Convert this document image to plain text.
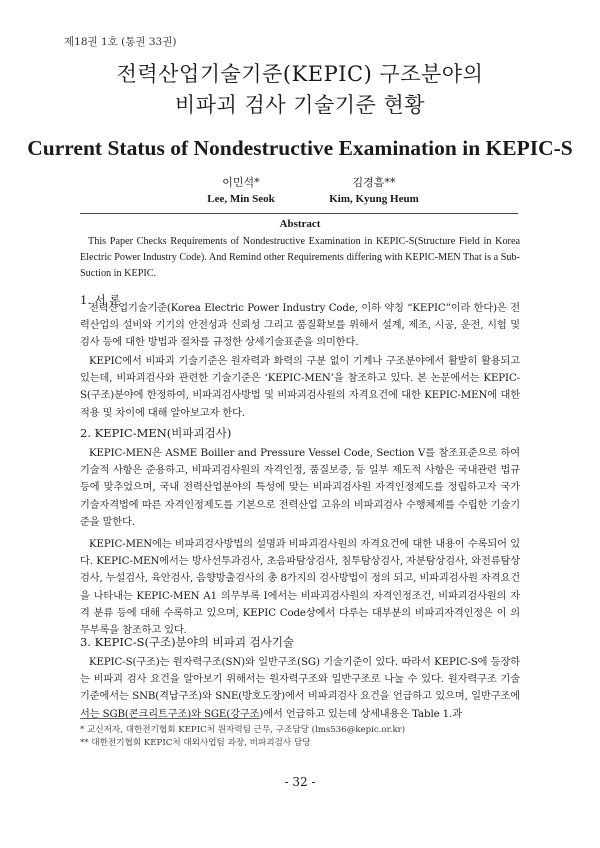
제18권 1호 (통권 33권)
전력산업기술기준(KEPIC) 구조분야의
비파괴 검사 기술기준 현황
Current Status of Nondestructive Examination in KEPIC-S
이민석*
Lee, Min Seok
김경흠**
Kim, Kyung Heum
Abstract
This Paper Checks Requirements of Nondestructive Examination in KEPIC-S(Structure Field in Korea Electric Power Industry Code). And Remind other Requirements differing with KEPIC-MEN That is a Sub-Suction in KEPIC.
1. 서 론
전력산업기술기준(Korea Electric Power Industry Code, 이하 약칭 “KEPIC”이라 한다)은 전력산업의 설비와 기기의 안전성과 신뢰성 그리고 품질확보를 위해서 설계, 제조, 시공, 운전, 시험 및 검사 등에 대한 방법과 절차를 규정한 상세기술표준을 의미한다.
KEPIC에서 비파괴 기술기준은 원자력과 화력의 구분 없이 기계나 구조분야에서 활발히 활용되고 있는데, 비파괴검사와 관련한 기술기준은 ‘KEPIC-MEN’을 참조하고 있다. 본 논문에서는 KEPIC-S(구조)분야에 한정하여, 비파괴검사방법 및 비파괴검사원의 자격요건에 대한 KEPIC-MEN에 대한 적용 및 차이에 대해 알아보고자 한다.
2. KEPIC-MEN(비파괴검사)
KEPIC-MEN은 ASME Boiller and Pressure Vessel Code, Section V를 참조표준으로 하여 기술적 사항은 준용하고, 비파괴검사원의 자격인정, 품질보증, 등 일부 제도적 사항은 국내관련 법규 등에 맞추었으며, 국내 전력산업분야의 특성에 맞는 비파괴검사원 자격인정제도를 정립하고자 국가기술자격법에 따른 자격인정제도를 기본으로 전력산업 고유의 비파괴검사 수행체제를 수립한 기술기준을 말한다.
KEPIC-MEN에는 비파괴검사방법의 설명과 비파괴검사원의 자격요건에 대한 내용이 수록되어 있다. KEPIC-MEN에서는 방사선투과검사, 초음파탐상검사, 침투탐상검사, 자분탐상검사, 와전류탐상검사, 누설검사, 육안검사, 음향방출검사의 총 8가지의 검사방법이 정의 되고, 비파괴검사원 자격요건을 나타내는 KEPIC-MEN A1 의무부록 I에서는 비파괴검사원의 자격인정조건, 비파괴검사원의 자격 분류 등에 대해 수록하고 있으며, KEPIC Code상에서 다루는 대부분의 비파괴자격인정은 이 의무부록을 참조하고 있다.
3. KEPIC-S(구조)분야의 비파괴 검사기술
KEPIC-S(구조)는 원자력구조(SN)와 일반구조(SG) 기술기준이 있다. 따라서 KEPIC-S에 등장하는 비파괴 검사 요건을 알아보기 위해서는 원자력구조와 일반구조로 나눌 수 있다. 원자력구조 기술기준에서는 SNB(격납구조)와 SNE(방호도장)에서 비파괴검사 요건을 언급하고 있으며, 일반구조에서는 SGB(콘크리트구조)와 SGE(강구조)에서 언급하고 있는데 상세내용은 Table 1.과
* 교신저자, 대한전기협회 KEPIC처 원자력팀 근무, 구조담당 (lms536@kepic.or.kr)
** 대한전기협회 KEPIC처 대외사업팀 과장, 비파괴검사 담당
- 32 -
